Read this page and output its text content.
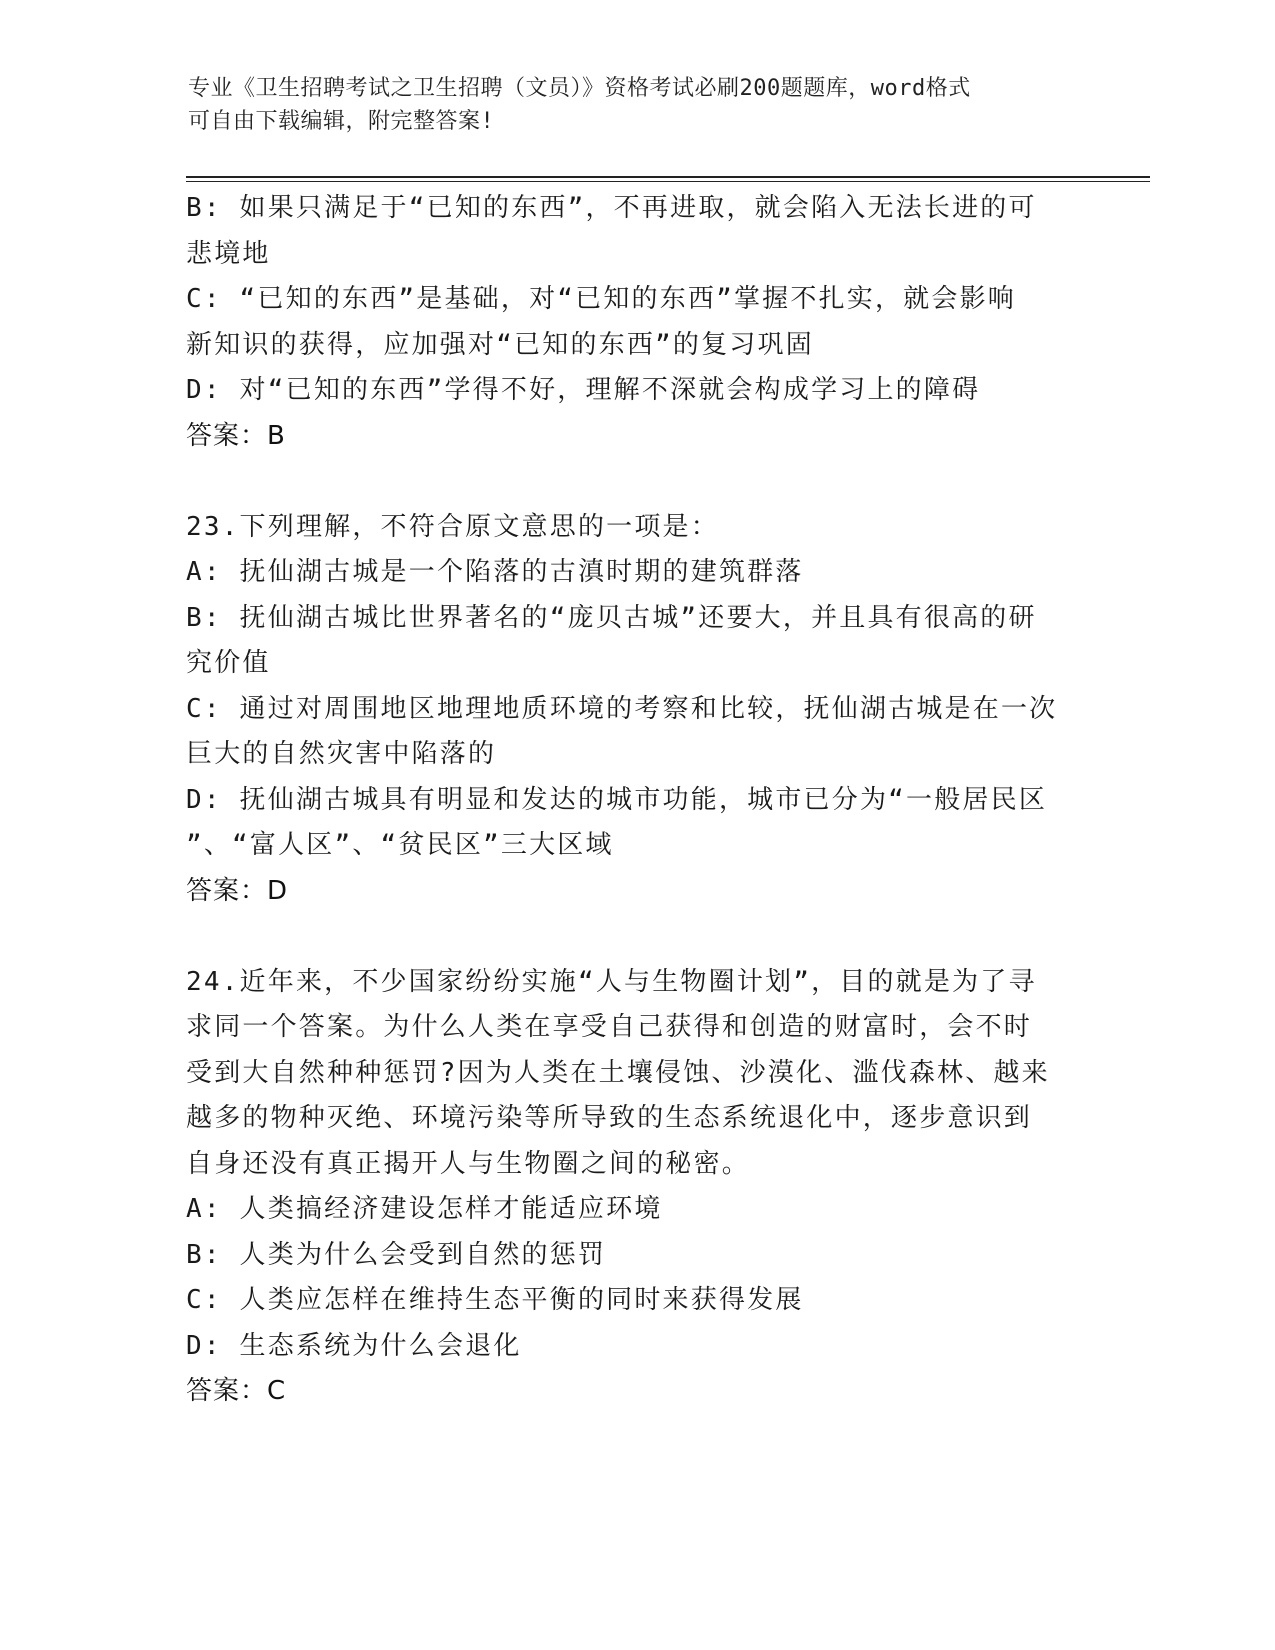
专业《卫生招聘考试之卫生招聘（文员）》资格考试必刷200题题库，word格式
可自由下载编辑，附完整答案!
B: 如果只满足于“已知的东西”，不再进取，就会陷入无法长进的可
悲境地
C: “已知的东西”是基础，对“已知的东西”掌握不扎实，就会影响
新知识的获得，应加强对“已知的东西”的复习巩固
D: 对“已知的东西”学得不好，理解不深就会构成学习上的障碍
答案：B
23.下列理解，不符合原文意思的一项是：
A: 抚仙湖古城是一个陷落的古滇时期的建筑群落
B: 抚仙湖古城比世界著名的“庞贝古城”还要大，并且具有很高的研
究价值
C: 通过对周围地区地理地质环境的考察和比较，抚仙湖古城是在一次
巨大的自然灾害中陷落的
D: 抚仙湖古城具有明显和发达的城市功能，城市已分为“一般居民区
”、“富人区”、“贫民区”三大区域
答案：D
24.近年来，不少国家纷纷实施“人与生物圈计划”，目的就是为了寻
求同一个答案。为什么人类在享受自己获得和创造的财富时，会不时
受到大自然种种惩罚?因为人类在土壤侵蚀、沙漠化、滥伐森林、越来
越多的物种灭绝、环境污染等所导致的生态系统退化中，逐步意识到
自身还没有真正揭开人与生物圈之间的秘密。
A: 人类搞经济建设怎样才能适应环境
B: 人类为什么会受到自然的惩罚
C: 人类应怎样在维持生态平衡的同时来获得发展
D: 生态系统为什么会退化
答案：C
